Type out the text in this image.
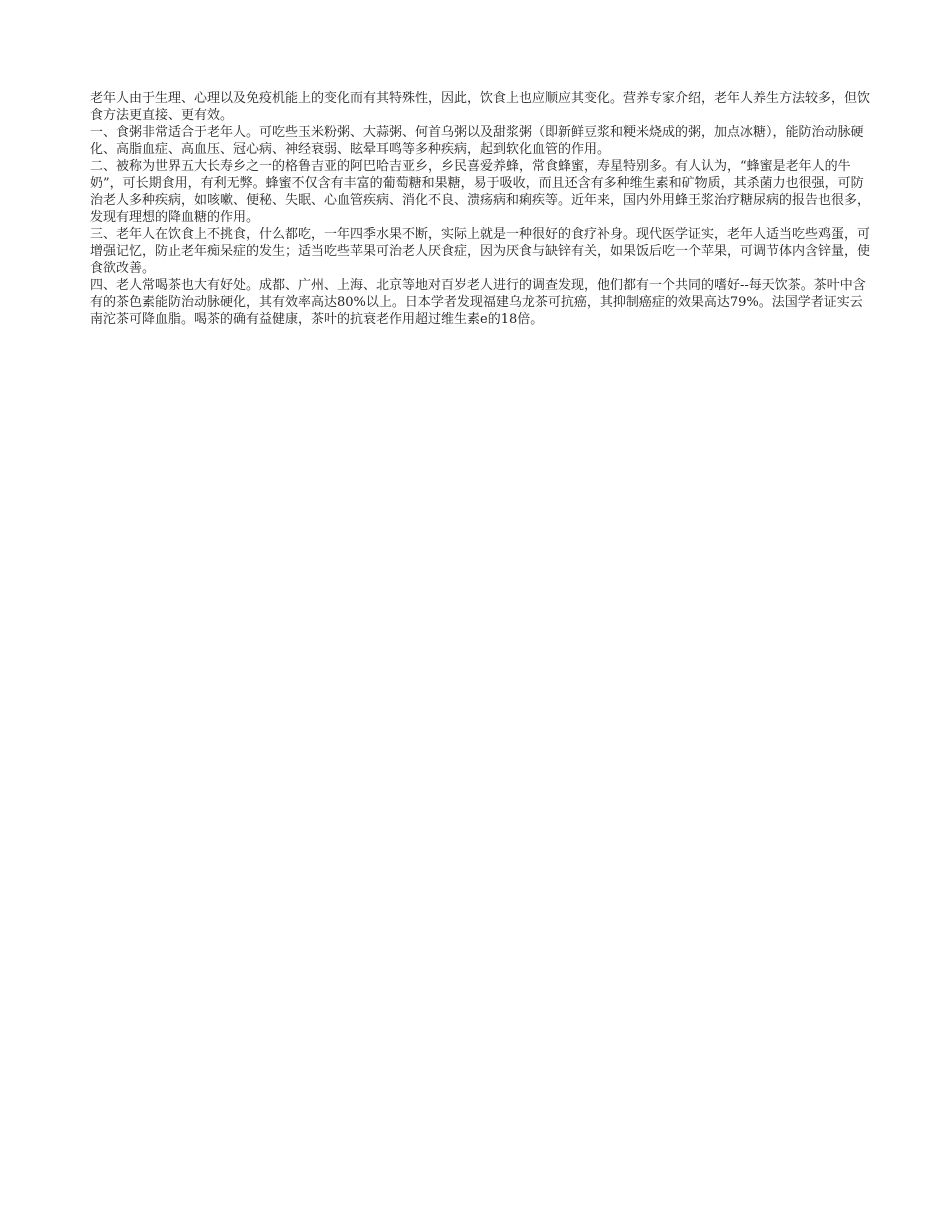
老年人由于生理、心理以及免疫机能上的变化而有其特殊性，因此，饮食上也应顺应其变化。营养专家介绍，老年人养生方法较多，但饮食方法更直接、更有效。

一、食粥非常适合于老年人。可吃些玉米粉粥、大蒜粥、何首乌粥以及甜浆粥（即新鲜豆浆和粳米烧成的粥，加点冰糖），能防治动脉硬化、高脂血症、高血压、冠心病、神经衰弱、眩晕耳鸣等多种疾病，起到软化血管的作用。

二、被称为世界五大长寿乡之一的格鲁吉亚的阿巴哈吉亚乡，乡民喜爱养蜂，常食蜂蜜，寿星特别多。有人认为，“蜂蜜是老年人的牛奶”，可长期食用，有利无弊。蜂蜜不仅含有丰富的葡萄糖和果糖，易于吸收，而且还含有多种维生素和矿物质，其杀菌力也很强，可防治老人多种疾病，如咳嗽、便秘、失眠、心血管疾病、消化不良、溃疡病和痢疾等。近年来，国内外用蜂王浆治疗糖尿病的报告也很多，发现有理想的降血糖的作用。

三、老年人在饮食上不挑食，什么都吃，一年四季水果不断，实际上就是一种很好的食疗补身。现代医学证实，老年人适当吃些鸡蛋，可增强记忆，防止老年痴呆症的发生；适当吃些苹果可治老人厌食症，因为厌食与缺锌有关，如果饭后吃一个苹果，可调节体内含锌量，使食欲改善。

四、老人常喝茶也大有好处。成都、广州、上海、北京等地对百岁老人进行的调查发现，他们都有一个共同的嗜好--每天饮茶。茶叶中含有的茶色素能防治动脉硬化，其有效率高达80%以上。日本学者发现福建乌龙茶可抗癌，其抑制癌症的效果高达79%。法国学者证实云南沱茶可降血脂。喝茶的确有益健康，茶叶的抗衰老作用超过维生素e的18倍。
